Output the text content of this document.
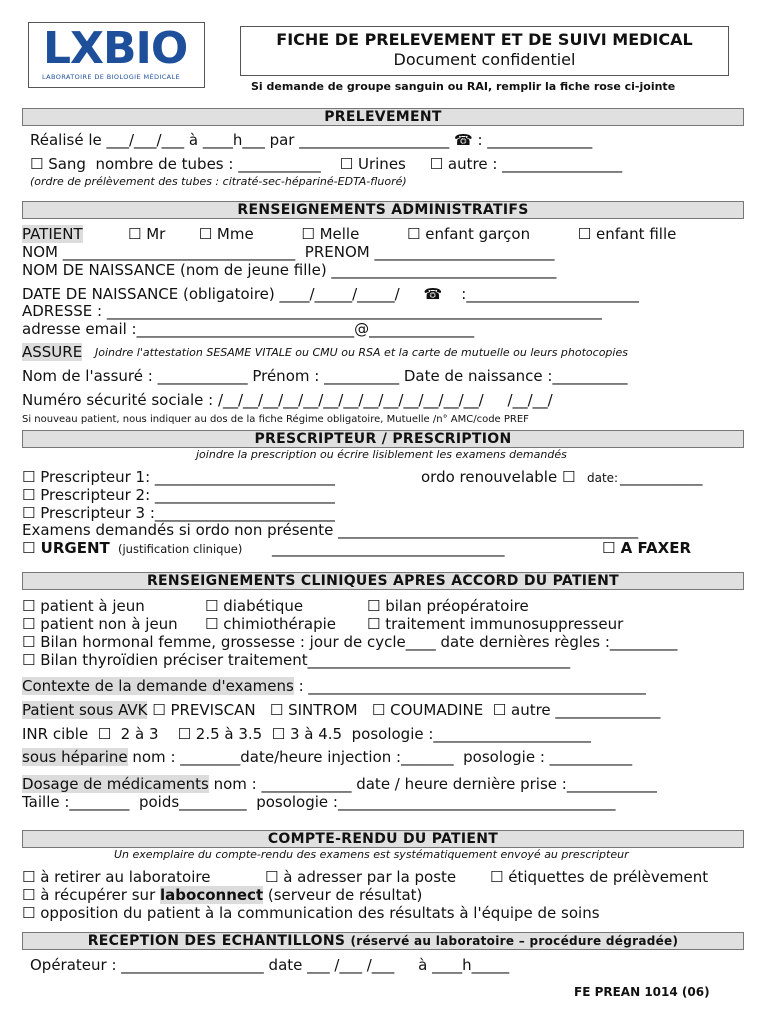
LXBIO
LABORATOIRE DE BIOLOGIE MÉDICALE
FICHE DE PRELEVEMENT ET DE SUIVI MEDICAL
Document confidentiel
Si demande de groupe sanguin ou RAI, remplir la fiche rose ci-jointe
PRELEVEMENT
Réalisé le ___/___/___ à ____h___ par ____________________ ☎ : ______________
☐ Sang  nombre de tubes : ___________    ☐ Urines     ☐ autre : ________________
(ordre de prélèvement des tubes : citraté-sec-hépariné-EDTA-fluoré)
RENSEIGNEMENTS ADMINISTRATIFS
PATIENT	☐ Mr       ☐ Mme          ☐ Melle          ☐ enfant garçon          ☐ enfant fille
NOM _______________________________  PRENOM ________________________
NOM DE NAISSANCE (nom de jeune fille) ______________________________
DATE DE NAISSANCE (obligatoire) ____/_____/_____/     ☎    :_______________________
ADRESSE : __________________________________________________________________
adresse email :_____________________________@______________
ASSURE Joindre l'attestation SESAME VITALE ou CMU ou RSA et la carte de mutuelle ou leurs photocopies
Nom de l'assuré : ____________ Prénom : __________ Date de naissance :__________
Numéro sécurité sociale : /__/__/__/__/__/__/__/__/__/__/__/__/__/     /__/__/
Si nouveau patient, nous indiquer au dos de la fiche Régime obligatoire, Mutuelle /n° AMC/code PREF
PRESCRIPTEUR / PRESCRIPTION
joindre la prescription ou écrire lisiblement les examens demandés
☐ Prescripteur 1: ________________________	ordo renouvelable ☐ date: ___________
☐ Prescripteur 2: ________________________
☐ Prescripteur 3 :________________________
Examens demandés si ordo non présente ________________________________________
☐ URGENT (justification clinique) _______________________________	☐ A FAXER
RENSEIGNEMENTS CLINIQUES APRES ACCORD DU PATIENT
☐ patient à jeun	☐ diabétique	☐ bilan préopératoire
☐ patient non à jeun ☐ chimiothérapie ☐ traitement immunosuppresseur
☐ Bilan hormonal femme, grossesse : jour de cycle____ date dernières règles :_________
☐ Bilan thyroïdien préciser traitement___________________________________
Contexte de la demande d'examens : _____________________________________________
Patient sous AVK ☐ PREVISCAN   ☐ SINTROM   ☐ COUMADINE  ☐ autre ______________
INR cible  ☐  2 à 3    ☐ 2.5 à 3.5  ☐ 3 à 4.5  posologie :_____________________
sous héparine nom : ________date/heure injection :_______  posologie : ___________
Dosage de médicaments nom : ____________ date / heure dernière prise :____________
Taille :________  poids_________  posologie :_____________________________________
COMPTE-RENDU DU PATIENT
Un exemplaire du compte-rendu des examens est systématiquement envoyé au prescripteur
☐ à retirer au laboratoire	☐ à adresser par la poste ☐ étiquettes de prélèvement
☐ à récupérer sur laboconnect (serveur de résultat)
☐ opposition du patient à la communication des résultats à l'équipe de soins
RECEPTION DES ECHANTILLONS (réservé au laboratoire – procédure dégradée)
Opérateur : ___________________ date ___ /___ /___     à ____h_____
FE PREAN 1014 (06)
